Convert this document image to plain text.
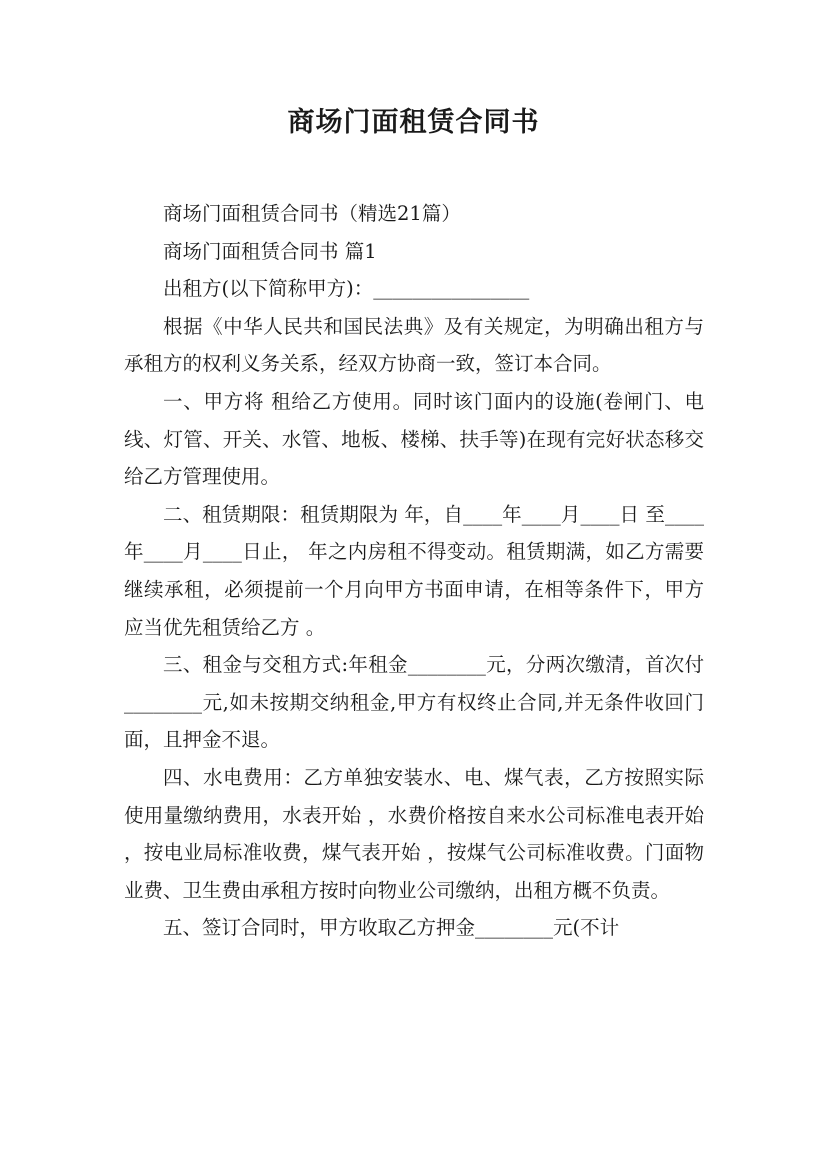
商场门面租赁合同书

商场门面租赁合同书（精选21篇）

商场门面租赁合同书 篇1

出租方(以下简称甲方)：________________

根据《中华人民共和国民法典》及有关规定，为明确出租方与承租方的权利义务关系，经双方协商一致，签订本合同。

一、甲方将 租给乙方使用。同时该门面内的设施(卷闸门、电线、灯管、开关、水管、地板、楼梯、扶手等)在现有完好状态移交给乙方管理使用。

二、租赁期限：租赁期限为 年，自____年____月____日 至____年____月____日止， 年之内房租不得变动。租赁期满，如乙方需要继续承租，必须提前一个月向甲方书面申请，在相等条件下，甲方应当优先租赁给乙方 。

三、租金与交租方式:年租金________元，分两次缴清，首次付________元,如未按期交纳租金,甲方有权终止合同,并无条件收回门面，且押金不退。

四、水电费用：乙方单独安装水、电、煤气表，乙方按照实际使用量缴纳费用，水表开始 ，水费价格按自来水公司标准电表开始 ，按电业局标准收费，煤气表开始 ，按煤气公司标准收费。门面物业费、卫生费由承租方按时向物业公司缴纳，出租方概不负责。

五、签订合同时，甲方收取乙方押金________元(不计
